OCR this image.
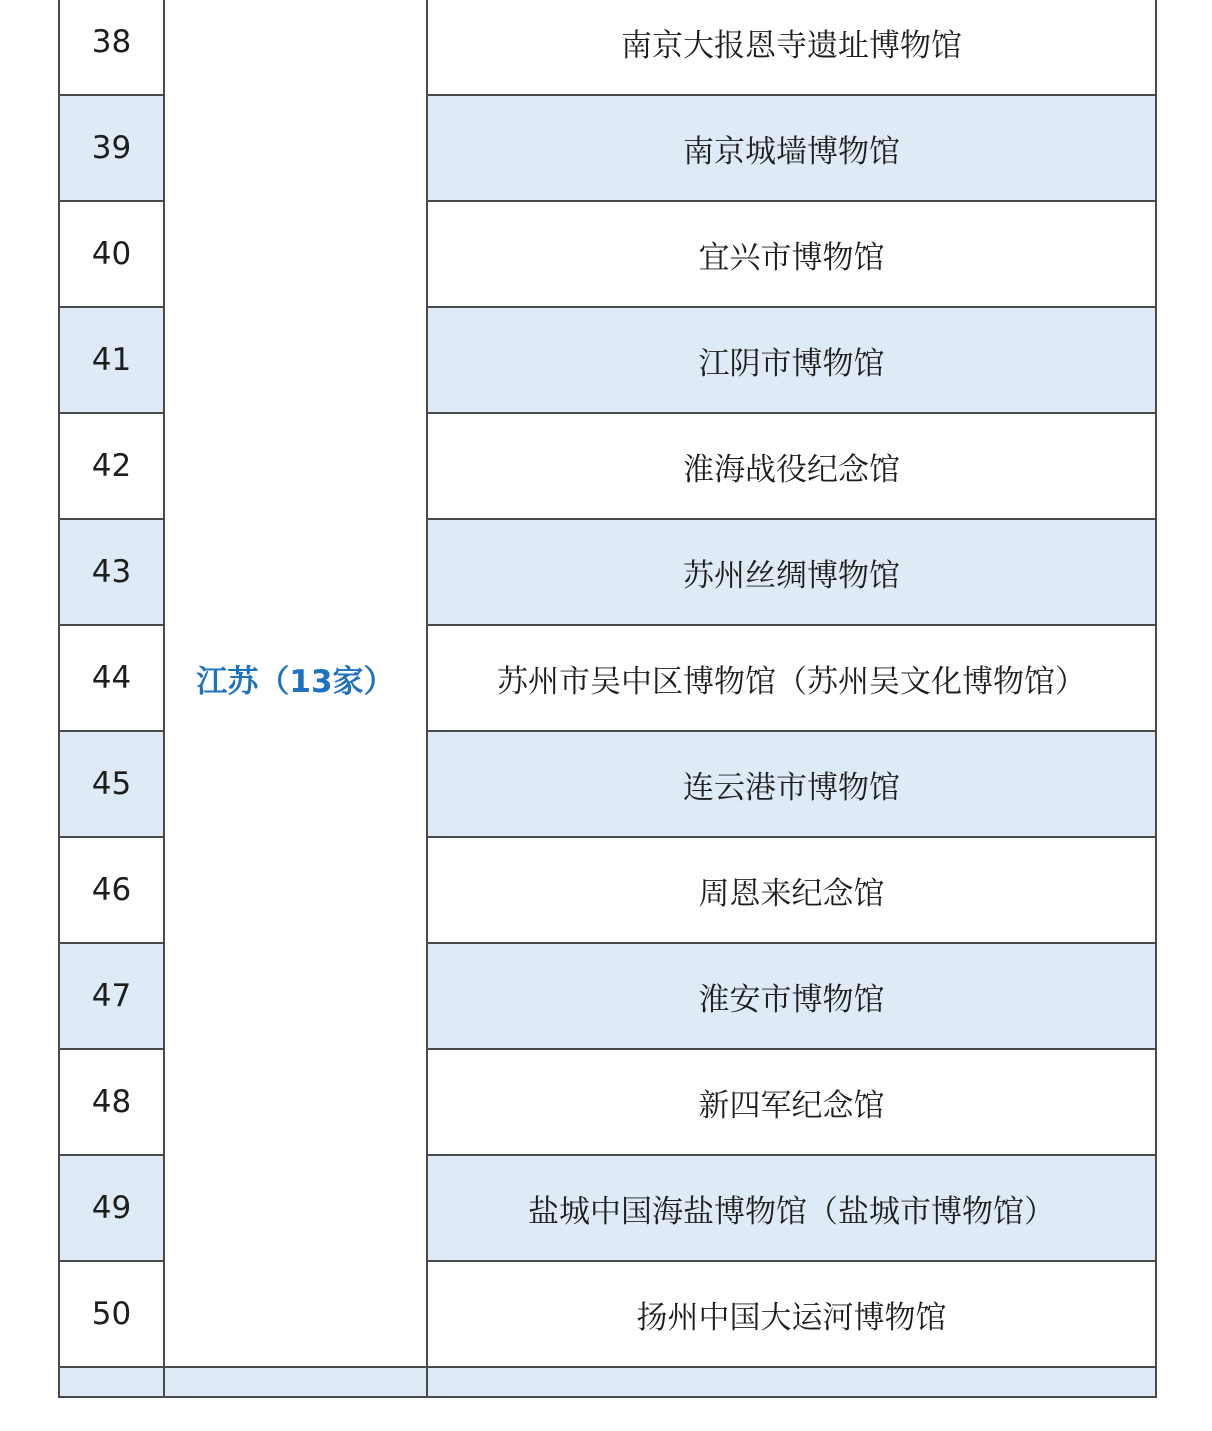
38	江苏（13家）	南京大报恩寺遗址博物馆
39		南京城墙博物馆
40		宜兴市博物馆
41		江阴市博物馆
42		淮海战役纪念馆
43		苏州丝绸博物馆
44		苏州市吴中区博物馆（苏州吴文化博物馆）
45		连云港市博物馆
46		周恩来纪念馆
47		淮安市博物馆
48		新四军纪念馆
49		盐城中国海盐博物馆（盐城市博物馆）
50		扬州中国大运河博物馆
